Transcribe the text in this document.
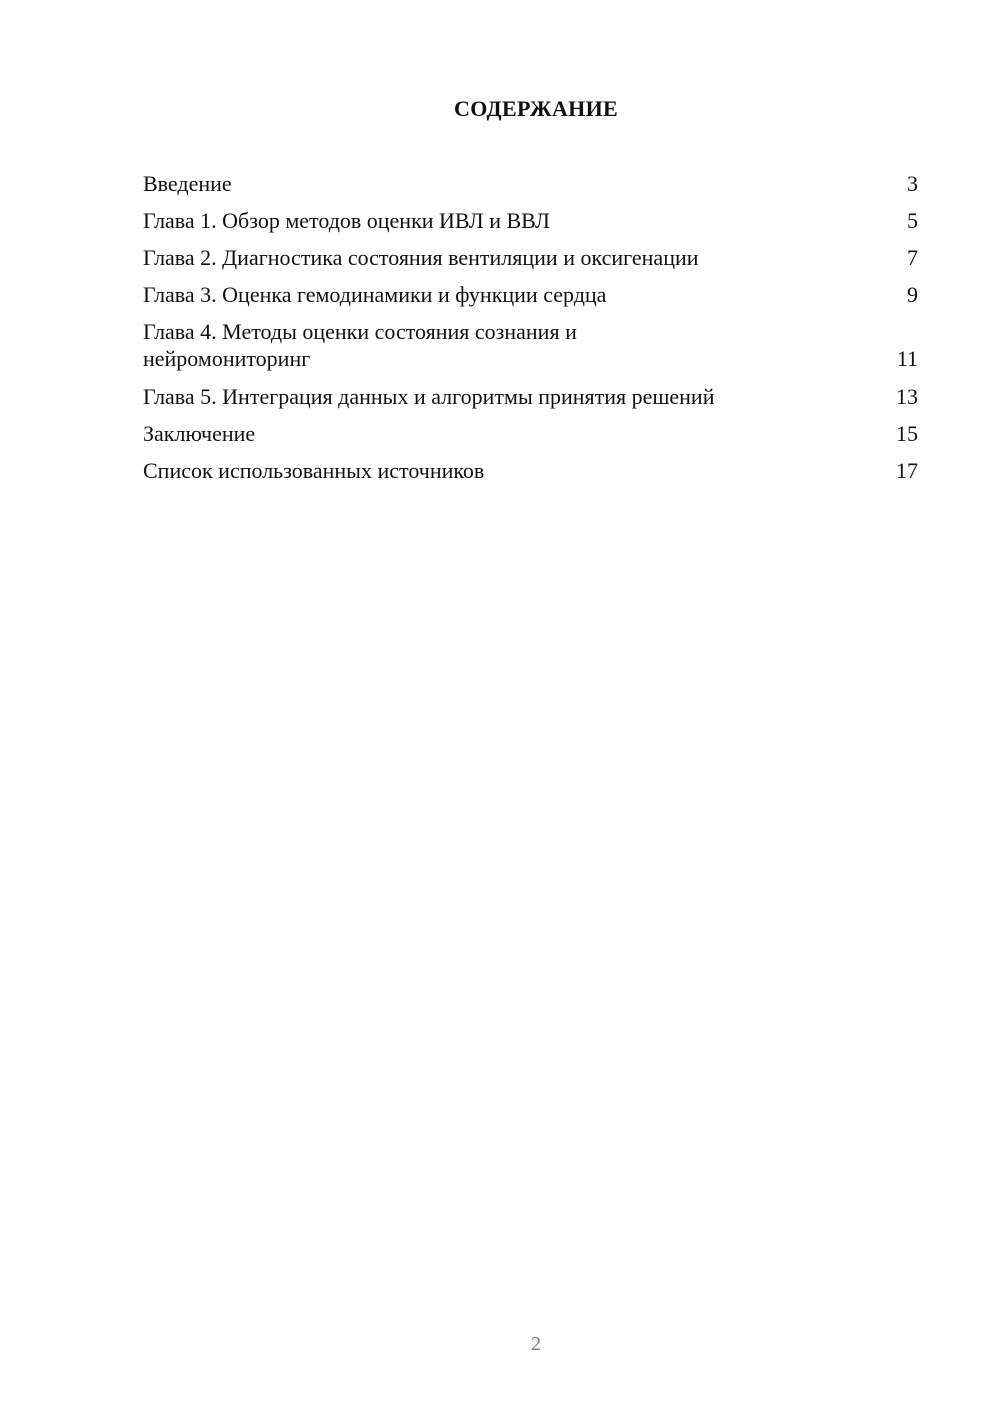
СОДЕРЖАНИЕ
Введение	3
Глава 1. Обзор методов оценки ИВЛ и ВВЛ	5
Глава 2. Диагностика состояния вентиляции и оксигенации	7
Глава 3. Оценка гемодинамики и функции сердца	9
Глава 4. Методы оценки состояния сознания и нейромониторинг	11
Глава 5. Интеграция данных и алгоритмы принятия решений	13
Заключение	15
Список использованных источников	17
2
